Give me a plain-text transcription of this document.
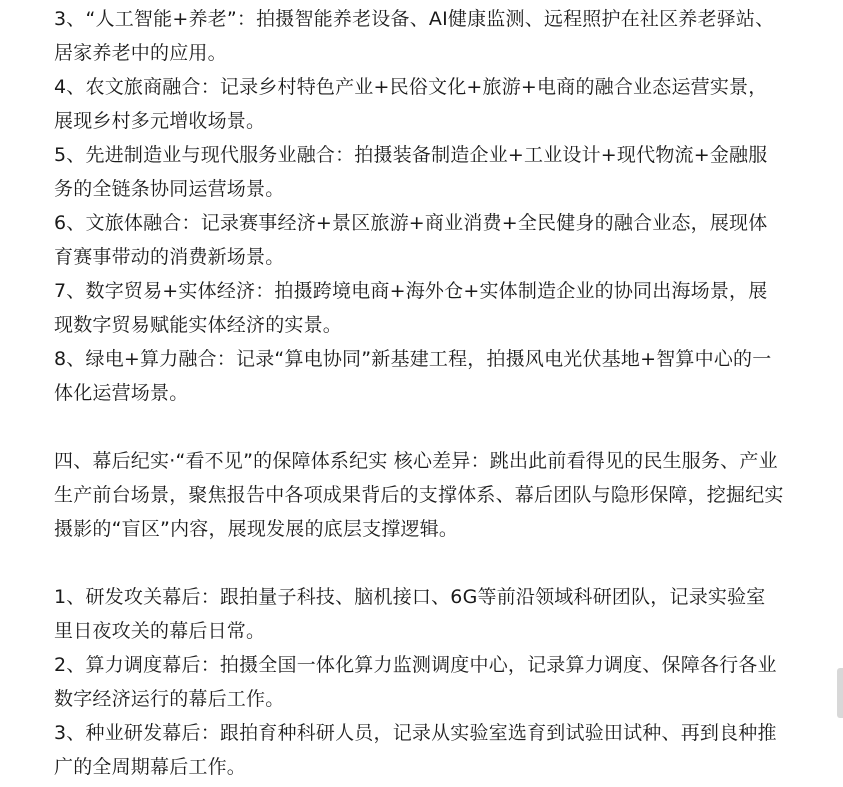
3、“人工智能+养老”：拍摄智能养老设备、AI健康监测、远程照护在社区养老驿站、居家养老中的应用。

4、农文旅商融合：记录乡村特色产业+民俗文化+旅游+电商的融合业态运营实景，展现乡村多元增收场景。

5、先进制造业与现代服务业融合：拍摄装备制造企业+工业设计+现代物流+金融服务的全链条协同运营场景。

6、文旅体融合：记录赛事经济+景区旅游+商业消费+全民健身的融合业态，展现体育赛事带动的消费新场景。

7、数字贸易+实体经济：拍摄跨境电商+海外仓+实体制造企业的协同出海场景，展现数字贸易赋能实体经济的实景。

8、绿电+算力融合：记录“算电协同”新基建工程，拍摄风电光伏基地+智算中心的一体化运营场景。

四、幕后纪实·“看不见”的保障体系纪实 核心差异：跳出此前看得见的民生服务、产业生产前台场景，聚焦报告中各项成果背后的支撑体系、幕后团队与隐形保障，挖掘纪实摄影的“盲区”内容，展现发展的底层支撑逻辑。

1、研发攻关幕后：跟拍量子科技、脑机接口、6G等前沿领域科研团队，记录实验室里日夜攻关的幕后日常。

2、算力调度幕后：拍摄全国一体化算力监测调度中心，记录算力调度、保障各行各业数字经济运行的幕后工作。

3、种业研发幕后：跟拍育种科研人员，记录从实验室选育到试验田试种、再到良种推广的全周期幕后工作。
